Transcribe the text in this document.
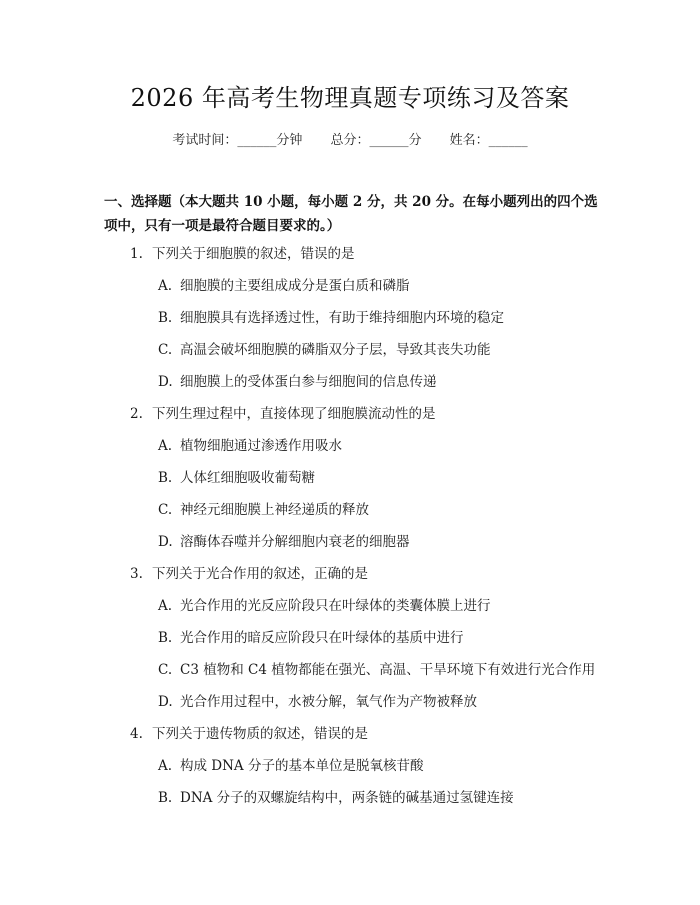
2026 年高考生物理真题专项练习及答案
考试时间：______分钟 总分：______分 姓名：______
一、选择题（本大题共 10 小题，每小题 2 分，共 20 分。在每小题列出的四个选项中，只有一项是最符合题目要求的。）
1. 下列关于细胞膜的叙述，错误的是
A. 细胞膜的主要组成成分是蛋白质和磷脂
B. 细胞膜具有选择透过性，有助于维持细胞内环境的稳定
C. 高温会破坏细胞膜的磷脂双分子层，导致其丧失功能
D. 细胞膜上的受体蛋白参与细胞间的信息传递
2. 下列生理过程中，直接体现了细胞膜流动性的是
A. 植物细胞通过渗透作用吸水
B. 人体红细胞吸收葡萄糖
C. 神经元细胞膜上神经递质的释放
D. 溶酶体吞噬并分解细胞内衰老的细胞器
3. 下列关于光合作用的叙述，正确的是
A. 光合作用的光反应阶段只在叶绿体的类囊体膜上进行
B. 光合作用的暗反应阶段只在叶绿体的基质中进行
C. C3 植物和 C4 植物都能在强光、高温、干旱环境下有效进行光合作用
D. 光合作用过程中，水被分解，氧气作为产物被释放
4. 下列关于遗传物质的叙述，错误的是
A. 构成 DNA 分子的基本单位是脱氧核苷酸
B. DNA 分子的双螺旋结构中，两条链的碱基通过氢键连接
